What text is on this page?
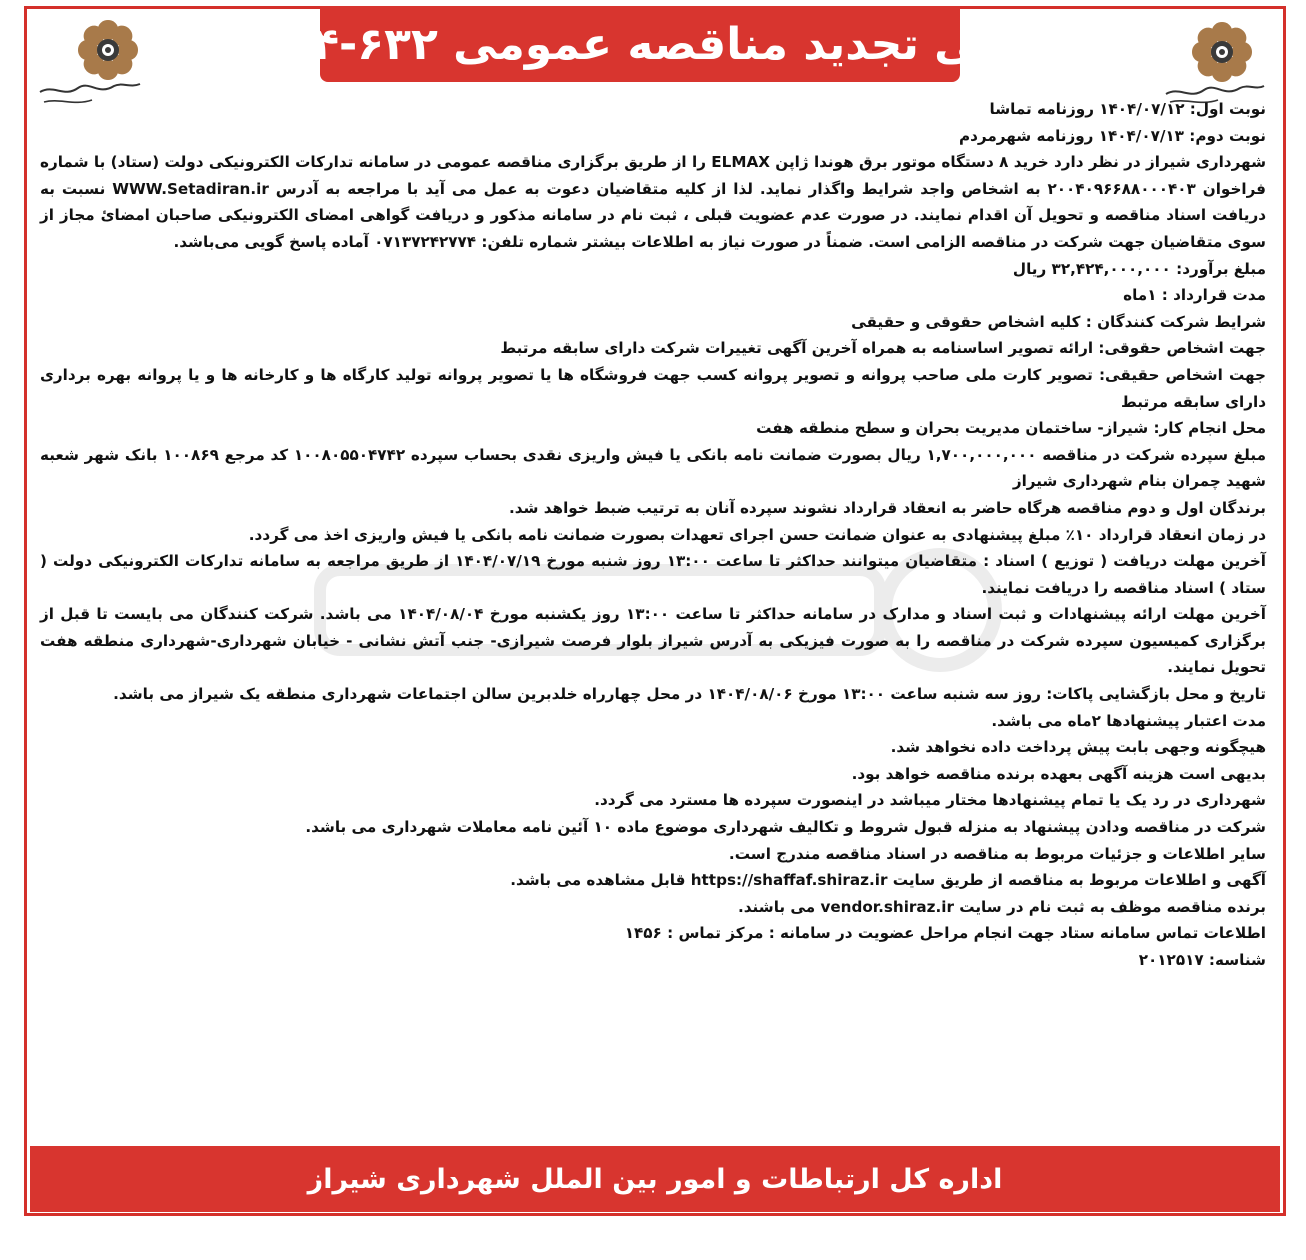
آگهی تجدید مناقصه عمومی ۶۳۲-۱۴۰۴

نوبت اول: ۱۴۰۴/۰۷/۱۲ روزنامه تماشا

نوبت دوم: ۱۴۰۴/۰۷/۱۳ روزنامه شهرمردم

شهرداری شیراز در نظر دارد خرید ۸ دستگاه موتور برق هوندا ژاپن ELMAX را از طریق برگزاری مناقصه عمومی در سامانه تدارکات الکترونیکی دولت (ستاد) با شماره فراخوان ۲۰۰۴۰۹۶۶۸۸۰۰۰۴۰۳ به اشخاص واجد شرایط واگذار نماید. لذا از کلیه متقاضیان دعوت به عمل می آید با مراجعه به آدرس WWW.Setadiran.ir نسبت به دریافت اسناد مناقصه و تحویل آن اقدام نمایند. در صورت عدم عضویت قبلی ، ثبت نام در سامانه مذکور و دریافت گواهی امضای الکترونیکی صاحبان امضائ مجاز از سوی متقاضیان جهت شرکت در مناقصه الزامی است. ضمناً در صورت نیاز به اطلاعات بیشتر شماره تلفن: ۰۷۱۳۷۲۴۲۷۷۴ آماده پاسخ گویی می‌باشد.

مبلغ برآورد: ۳۲,۴۲۴,۰۰۰,۰۰۰ ریال

مدت قرارداد : ۱ماه

شرایط شرکت کنندگان : کلیه اشخاص حقوقی و حقیقی

جهت اشخاص حقوقی: ارائه تصویر اساسنامه به همراه آخرین آگهی تغییرات شرکت دارای سابقه مرتبط

جهت اشخاص حقیقی: تصویر کارت ملی صاحب پروانه و تصویر پروانه کسب جهت فروشگاه ها یا تصویر پروانه تولید کارگاه ها و کارخانه ها و یا پروانه بهره برداری دارای سابقه مرتبط

محل انجام کار: شیراز- ساختمان مدیریت بحران و سطح منطقه هفت

مبلغ سپرده شرکت در مناقصه ۱,۷۰۰,۰۰۰,۰۰۰ ریال بصورت ضمانت نامه بانکی یا فیش واریزی نقدی بحساب سپرده ۱۰۰۸۰۵۵۰۴۷۴۲ کد مرجع ۱۰۰۸۶۹ بانک شهر شعبه شهید چمران بنام شهرداری شیراز

برندگان اول و دوم مناقصه هرگاه حاضر به انعقاد قرارداد نشوند سپرده آنان به ترتیب ضبط خواهد شد.

در زمان انعقاد قرارداد ۱۰٪ مبلغ پیشنهادی به عنوان ضمانت حسن اجرای تعهدات بصورت ضمانت نامه بانکی یا فیش واریزی اخذ می گردد.

آخرین مهلت دریافت ( توزیع ) اسناد : متقاضیان میتوانند حداکثر تا ساعت ۱۳:۰۰ روز شنبه مورخ ۱۴۰۴/۰۷/۱۹ از طریق مراجعه به سامانه تدارکات الکترونیکی دولت ( ستاد ) اسناد مناقصه را دریافت نمایند.

آخرین مهلت ارائه پیشنهادات و ثبت اسناد و مدارک در سامانه حداکثر تا ساعت ۱۳:۰۰ روز یکشنبه مورخ ۱۴۰۴/۰۸/۰۴ می باشد. شرکت کنندگان می بایست تا قبل از برگزاری کمیسیون سپرده شرکت در مناقصه را به صورت فیزیکی به آدرس شیراز بلوار فرصت شیرازی- جنب آتش نشانی - خیابان شهرداری-شهرداری منطقه هفت تحویل نمایند.

تاریخ و محل بازگشایی پاکات: روز سه شنبه ساعت ۱۳:۰۰ مورخ ۱۴۰۴/۰۸/۰۶ در محل چهارراه خلدبرین سالن اجتماعات شهرداری منطقه یک شیراز می باشد.

مدت اعتبار پیشنهادها ۲ماه می باشد.

هیچگونه وجهی بابت پیش پرداخت داده نخواهد شد.

بدیهی است هزینه آگهی بعهده برنده مناقصه خواهد بود.

شهرداری در رد یک یا تمام پیشنهادها مختار میباشد در اینصورت سپرده ها مسترد می گردد.

شرکت در مناقصه ودادن پیشنهاد به منزله قبول شروط و تکالیف شهرداری موضوع ماده ۱۰ آئین نامه معاملات شهرداری می باشد.

سایر اطلاعات و جزئیات مربوط به مناقصه در اسناد مناقصه مندرج است.

آگهی و اطلاعات مربوط به مناقصه از طریق سایت https://shaffaf.shiraz.ir قابل مشاهده می باشد.

برنده مناقصه موظف به ثبت نام در سایت vendor.shiraz.ir می باشند.

اطلاعات تماس سامانه ستاد جهت انجام مراحل عضویت در سامانه : مرکز تماس : ۱۴۵۶

شناسه: ۲۰۱۲۵۱۷

اداره کل ارتباطات و امور بین الملل شهرداری شیراز
